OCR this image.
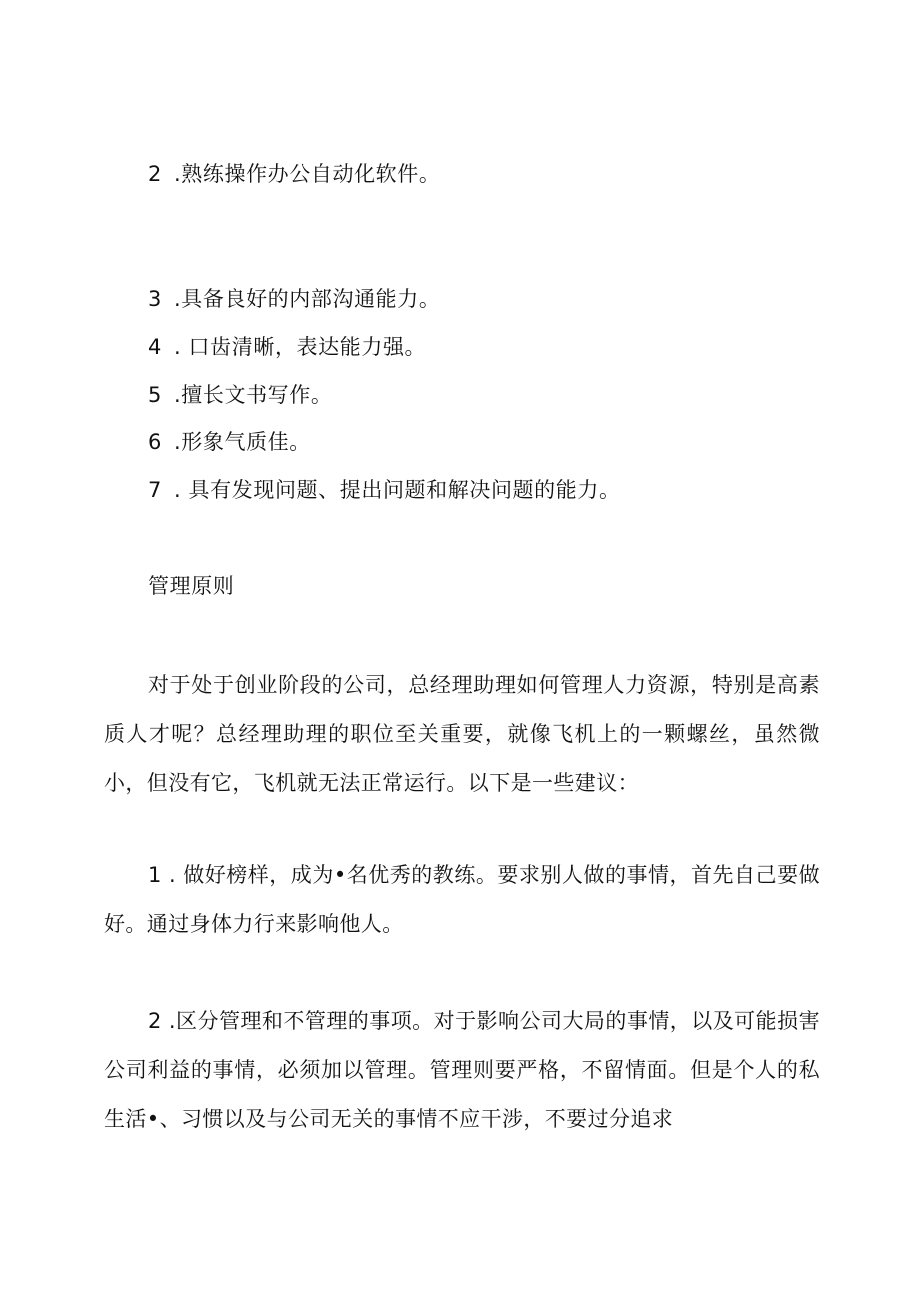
2 .熟练操作办公自动化软件。
3 .具备良好的内部沟通能力。
4 . 口齿清晰，表达能力强。
5 .擅长文书写作。
6 .形象气质佳。
7 . 具有发现问题、提出问题和解决问题的能力。
管理原则
对于处于创业阶段的公司，总经理助理如何管理人力资源，特别是高素质人才呢？总经理助理的职位至关重要，就像飞机上的一颗螺丝，虽然微小，但没有它，飞机就无法正常运行。以下是一些建议：
1 . 做好榜样，成为•名优秀的教练。要求别人做的事情，首先自己要做好。通过身体力行来影响他人。
2 .区分管理和不管理的事项。对于影响公司大局的事情，以及可能损害公司利益的事情，必须加以管理。管理则要严格，不留情面。但是个人的私生活•、习惯以及与公司无关的事情不应干涉，不要过分追求
